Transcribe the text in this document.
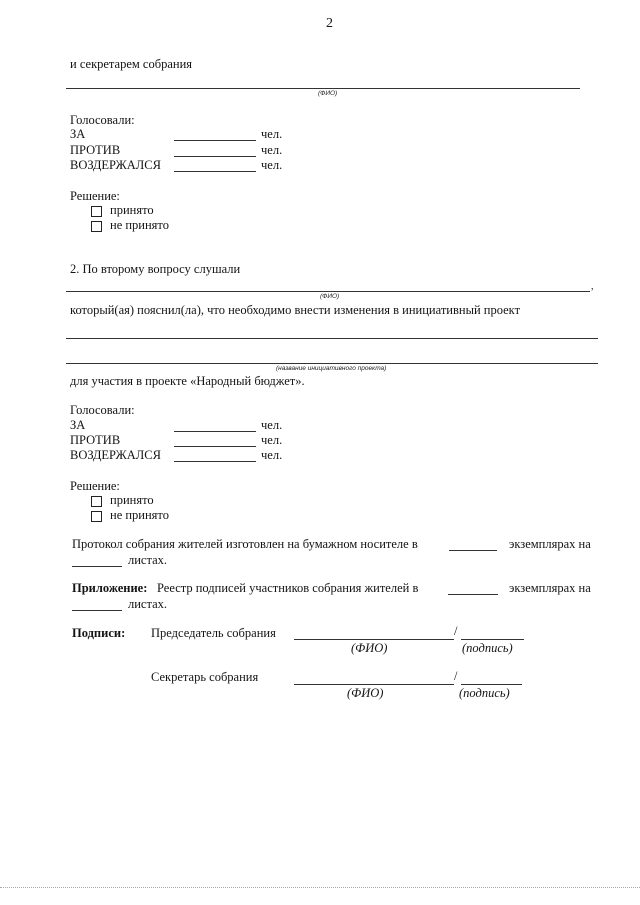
2
и секретарем собрания
(ФИО)
Голосовали:
ЗА	чел.
ПРОТИВ	чел.
ВОЗДЕРЖАЛСЯ	чел.
Решение:
принято
не принято
2. По второму вопросу слушали
,
(ФИО)
который(ая) пояснил(ла), что необходимо внести изменения в инициативный проект
(название инициативного проекта)
для участия в проекте «Народный бюджет».
Голосовали:
ЗА	чел.
ПРОТИВ	чел.
ВОЗДЕРЖАЛСЯ	чел.
Решение:
принято
не принято
Протокол собрания жителей изготовлен на бумажном носителе в	экземплярах на
листах.
Приложение: Реестр подписей участников собрания жителей в	экземплярах на
листах.
Подписи: Председатель собрания	/
(ФИО)	(подпись)
Секретарь собрания	/
(ФИО)	(подпись)
